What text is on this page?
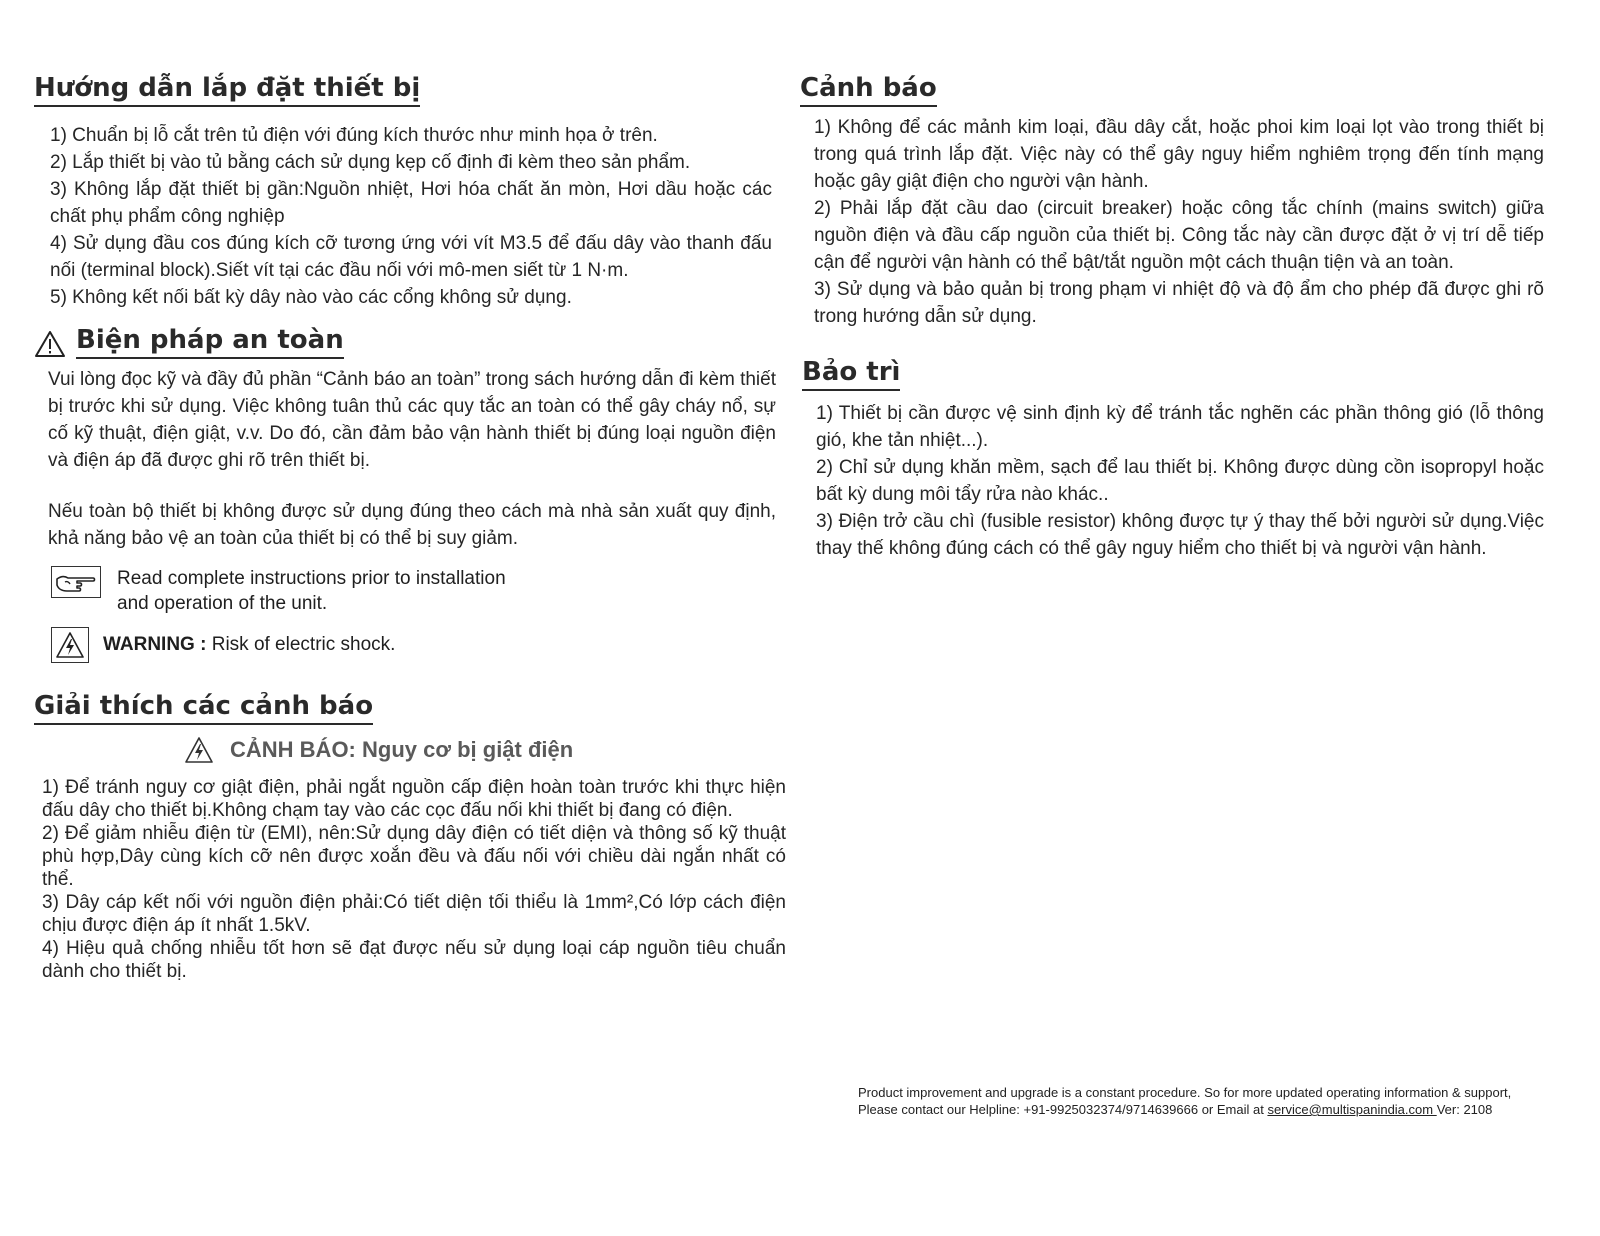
Hướng dẫn lắp đặt thiết bị

1) Chuẩn bị lỗ cắt trên tủ điện với đúng kích thước như minh họa ở trên.

2) Lắp thiết bị vào tủ bằng cách sử dụng kẹp cố định đi kèm theo sản phẩm.

3) Không lắp đặt thiết bị gần:Nguồn nhiệt, Hơi hóa chất ăn mòn, Hơi dầu hoặc các chất phụ phẩm công nghiệp

4) Sử dụng đầu cos đúng kích cỡ tương ứng với vít M3.5 để đấu dây vào thanh đấu nối (terminal block).Siết vít tại các đầu nối với mô-men siết từ 1 N·m.

5) Không kết nối bất kỳ dây nào vào các cổng không sử dụng.

Biện pháp an toàn
Vui lòng đọc kỹ và đầy đủ phần “Cảnh báo an toàn” trong sách hướng dẫn đi kèm thiết bị trước khi sử dụng. Việc không tuân thủ các quy tắc an toàn có thể gây cháy nổ, sự cố kỹ thuật, điện giật, v.v. Do đó, cần đảm bảo vận hành thiết bị đúng loại nguồn điện và điện áp đã được ghi rõ trên thiết bị.
Nếu toàn bộ thiết bị không được sử dụng đúng theo cách mà nhà sản xuất quy định, khả năng bảo vệ an toàn của thiết bị có thể bị suy giảm.
Read complete instructions prior to installation
and operation of the unit.
WARNING : Risk of electric shock.
Giải thích các cảnh báo
CẢNH BÁO: Nguy cơ bị giật điện

1) Để tránh nguy cơ giật điện, phải ngắt nguồn cấp điện hoàn toàn trước khi thực hiện đấu dây cho thiết bị.Không chạm tay vào các cọc đấu nối khi thiết bị đang có điện.

2) Để giảm nhiễu điện từ (EMI), nên:Sử dụng dây điện có tiết diện và thông số kỹ thuật phù hợp,Dây cùng kích cỡ nên được xoắn đều và đấu nối với chiều dài ngắn nhất có thể.

3) Dây cáp kết nối với nguồn điện phải:Có tiết diện tối thiểu là 1mm²,Có lớp cách điện chịu được điện áp ít nhất 1.5kV.

4) Hiệu quả chống nhiễu tốt hơn sẽ đạt được nếu sử dụng loại cáp nguồn tiêu chuẩn dành cho thiết bị.

Cảnh báo

1) Không để các mảnh kim loại, đầu dây cắt, hoặc phoi kim loại lọt vào trong thiết bị trong quá trình lắp đặt. Việc này có thể gây nguy hiểm nghiêm trọng đến tính mạng hoặc gây giật điện cho người vận hành.

2) Phải lắp đặt cầu dao (circuit breaker) hoặc công tắc chính (mains switch) giữa nguồn điện và đầu cấp nguồn của thiết bị. Công tắc này cần được đặt ở vị trí dễ tiếp cận để người vận hành có thể bật/tắt nguồn một cách thuận tiện và an toàn.

3) Sử dụng và bảo quản bị trong phạm vi nhiệt độ và độ ẩm cho phép đã được ghi rõ trong hướng dẫn sử dụng.

Bảo trì

1) Thiết bị cần được vệ sinh định kỳ để tránh tắc nghẽn các phần thông gió (lỗ thông gió, khe tản nhiệt...).

2) Chỉ sử dụng khăn mềm, sạch để lau thiết bị. Không được dùng cồn isopropyl hoặc bất kỳ dung môi tẩy rửa nào khác..

3) Điện trở cầu chì (fusible resistor) không được tự ý thay thế bởi người sử dụng.Việc thay thế không đúng cách có thể gây nguy hiểm cho thiết bị và người vận hành.

Product improvement and upgrade is a constant procedure. So for more updated operating information & support,
Please contact our Helpline: +91-9925032374/9714639666 or Email at service@multispanindia.com Ver: 2108
